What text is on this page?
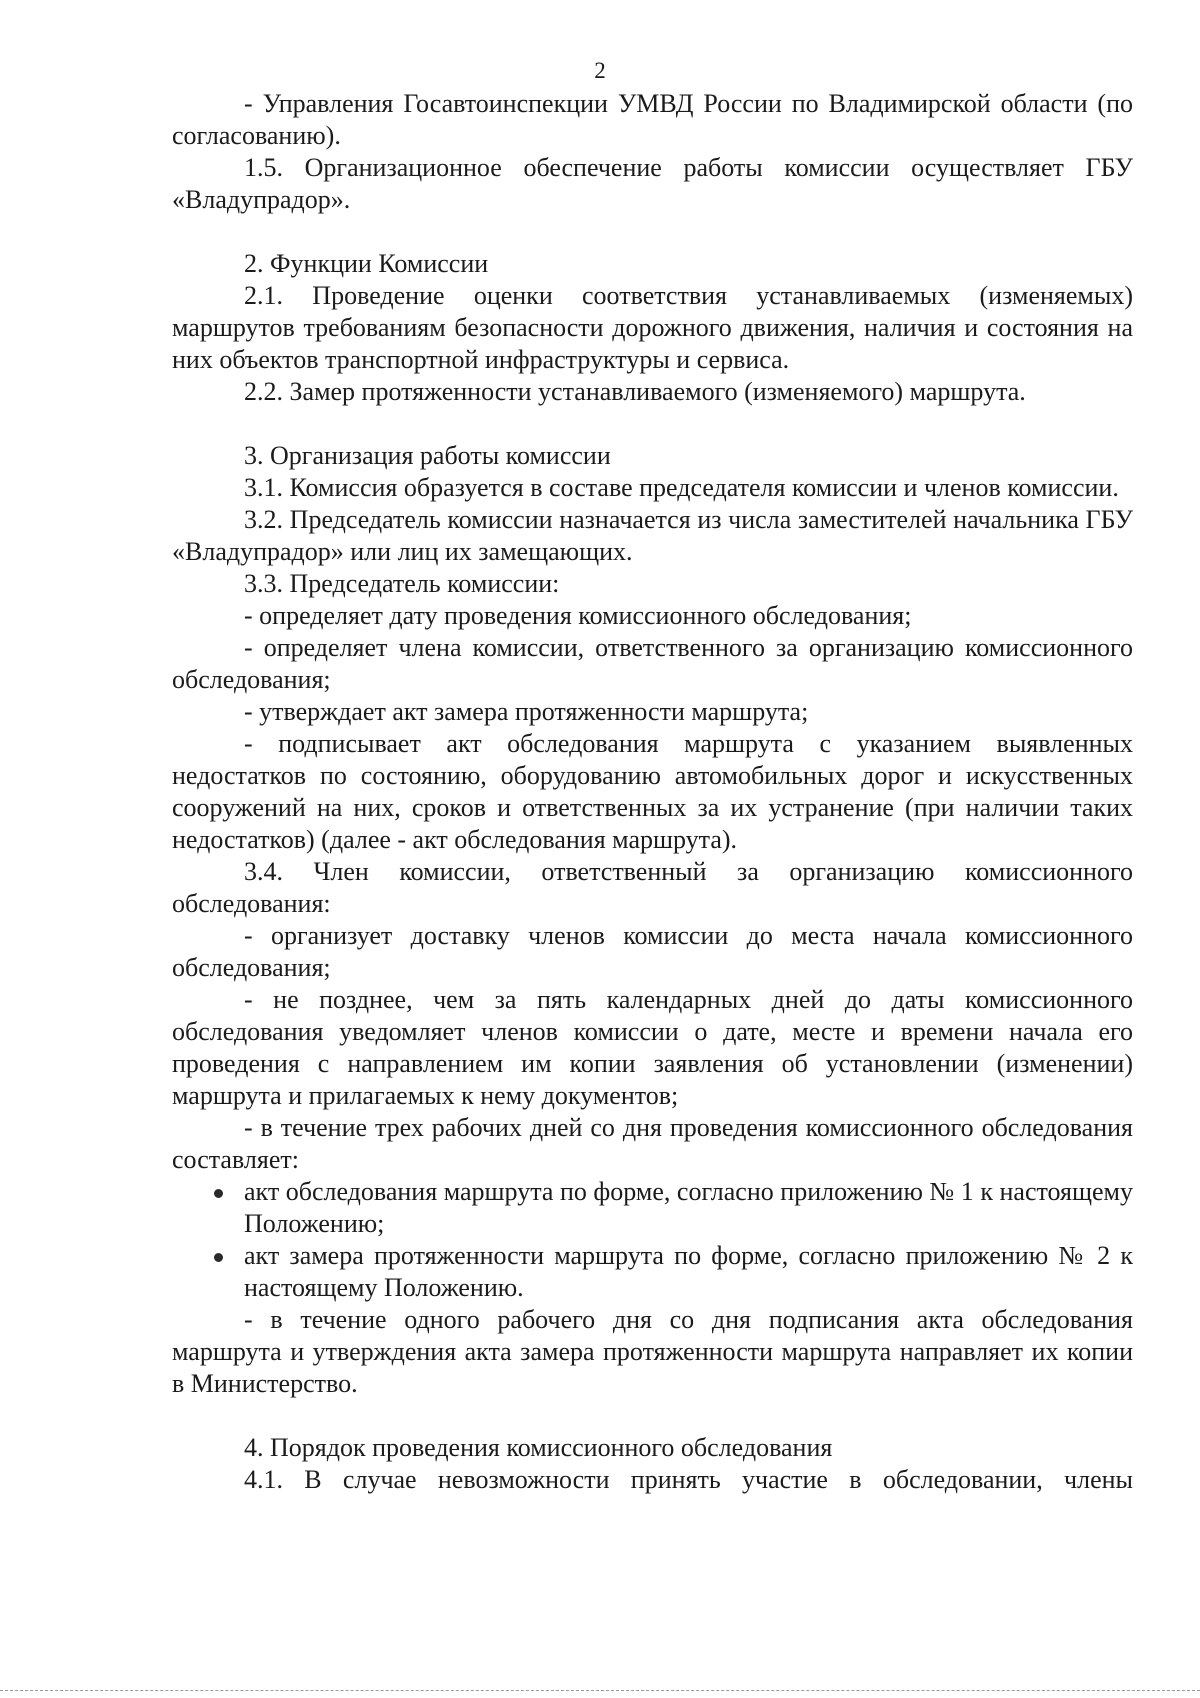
2

- Управления Госавтоинспекции УМВД России по Владимирской области (по согласованию).

1.5. Организационное обеспечение работы комиссии осуществляет ГБУ «Владупрадор».

2. Функции Комиссии

2.1. Проведение оценки соответствия устанавливаемых (изменяемых) маршрутов требованиям безопасности дорожного движения, наличия и состояния на них объектов транспортной инфраструктуры и сервиса.

2.2. Замер протяженности устанавливаемого (изменяемого) маршрута.

3. Организация работы комиссии

3.1. Комиссия образуется в составе председателя комиссии и членов комиссии.

3.2. Председатель комиссии назначается из числа заместителей начальника ГБУ «Владупрадор» или лиц их замещающих.

3.3. Председатель комиссии:

- определяет дату проведения комиссионного обследования;

- определяет члена комиссии, ответственного за организацию комиссионного обследования;

- утверждает акт замера протяженности маршрута;

- подписывает акт обследования маршрута с указанием выявленных недостатков по состоянию, оборудованию автомобильных дорог и искусственных сооружений на них, сроков и ответственных за их устранение (при наличии таких недостатков) (далее - акт обследования маршрута).

3.4. Член комиссии, ответственный за организацию комиссионного обследования:

- организует доставку членов комиссии до места начала комиссионного обследования;

- не позднее, чем за пять календарных дней до даты комиссионного обследования уведомляет членов комиссии о дате, месте и времени начала его проведения с направлением им копии заявления об установлении (изменении) маршрута и прилагаемых к нему документов;

- в течение трех рабочих дней со дня проведения комиссионного обследования составляет:

акт обследования маршрута по форме, согласно приложению № 1 к настоящему Положению;
акт замера протяженности маршрута по форме, согласно приложению № 2 к настоящему Положению.

- в течение одного рабочего дня со дня подписания акта обследования маршрута и утверждения акта замера протяженности маршрута направляет их копии в Министерство.

4. Порядок проведения комиссионного обследования

4.1. В случае невозможности принять участие в обследовании, члены
